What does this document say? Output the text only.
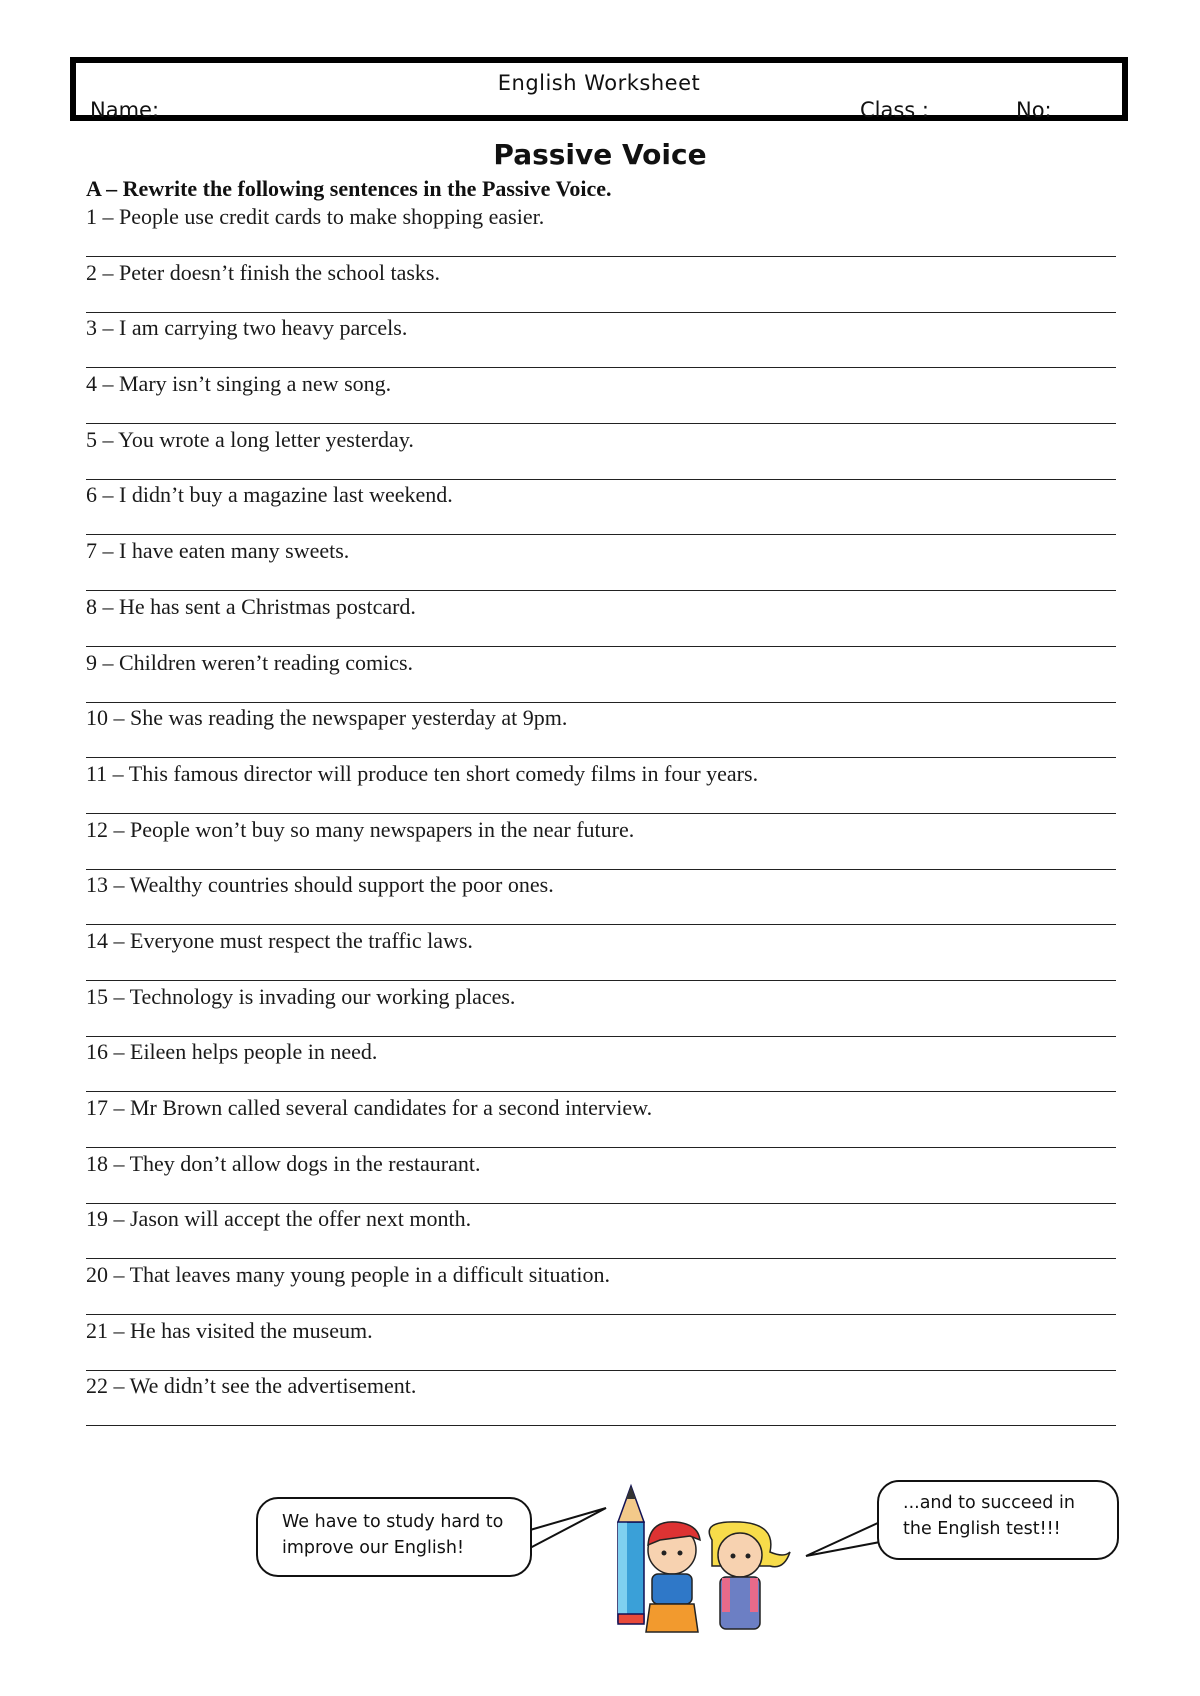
English Worksheet
Name:	Class :	No:
Passive Voice
A – Rewrite the following sentences in the Passive Voice.
1 – People use credit cards to make shopping easier.
2 – Peter doesn’t finish the school tasks.
3 – I am carrying two heavy parcels.
4 – Mary isn’t singing a new song.
5 – You wrote a long letter yesterday.
6 – I didn’t buy a magazine last weekend.
7 – I have eaten many sweets.
8 – He has sent a Christmas postcard.
9 – Children weren’t reading comics.
10 – She was reading the newspaper yesterday at 9pm.
11 – This famous director will produce ten short comedy films in four years.
12 – People won’t buy so many newspapers in the near future.
13 – Wealthy countries should support the poor ones.
14 – Everyone must respect the traffic laws.
15 – Technology is invading our working places.
16 – Eileen helps people in need.
17 – Mr Brown called several candidates for a second interview.
18 – They don’t allow dogs in the restaurant.
19 – Jason will accept the offer next month.
20 – That leaves many young people in a difficult situation.
21 – He has visited the museum.
22 – We didn’t see the advertisement.
We have to study hard to
improve our English!
...and to succeed in
the English test!!!
